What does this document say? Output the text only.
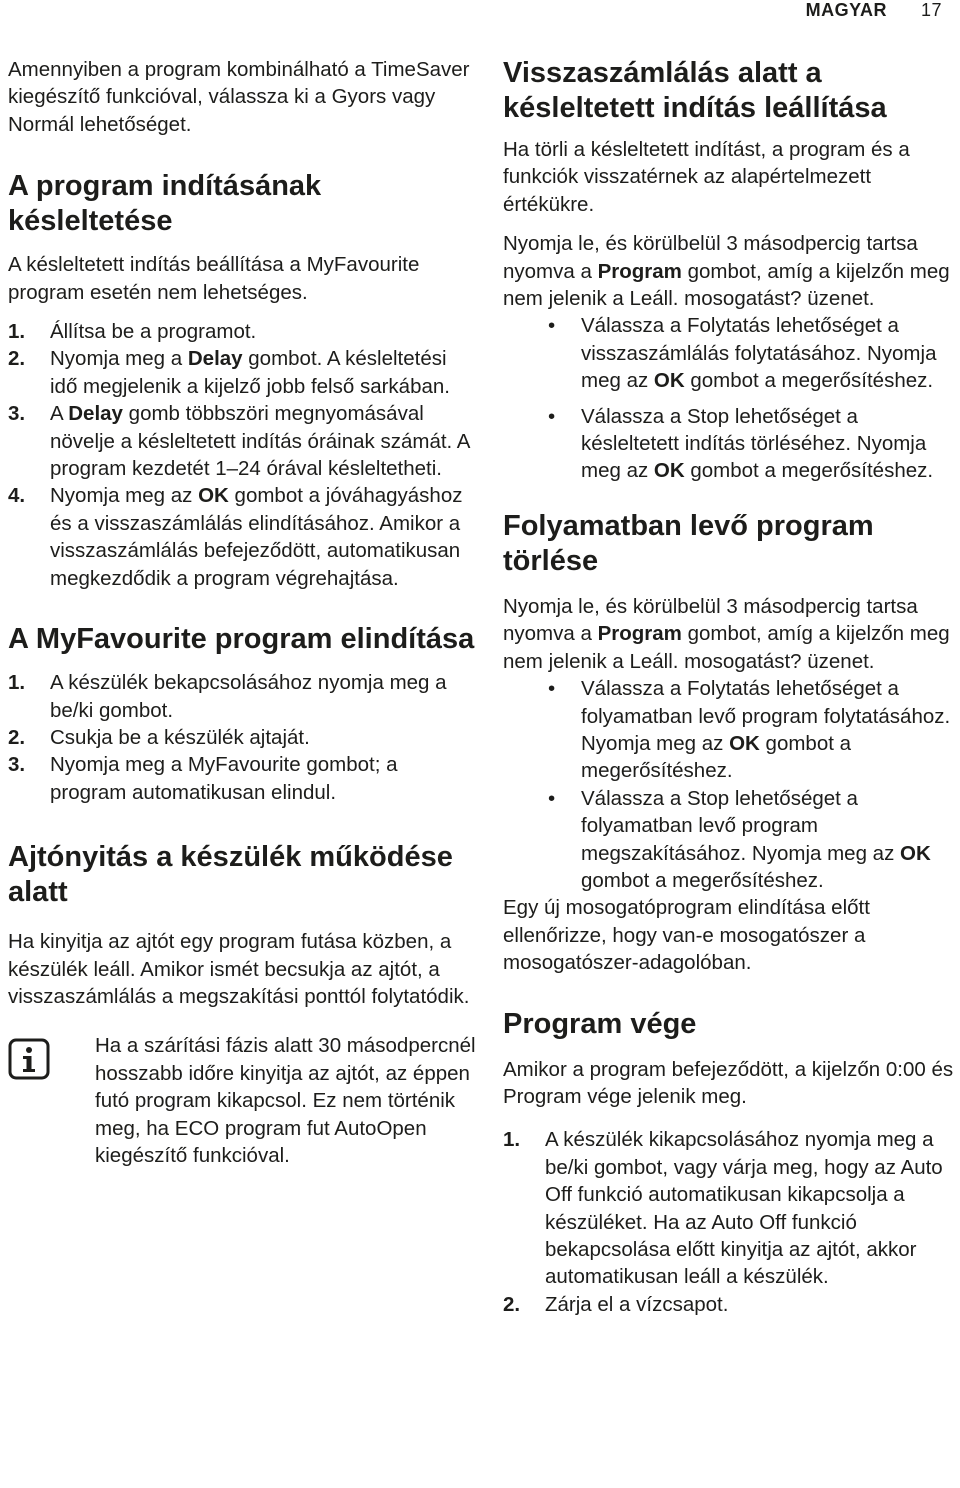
MAGYAR 17

Amennyiben a program kombinálható a TimeSaver kiegészítő funkcióval, válassza ki a Gyors vagy Normál lehetőséget.

A program indításának késleltetése

A késleltetett indítás beállítása a MyFavourite program esetén nem lehetséges.

1. Állítsa be a programot.
2. Nyomja meg a Delay gombot. A késleltetési idő megjelenik a kijelző jobb felső sarkában.
3. A Delay gomb többszöri megnyomásával növelje a késleltetett indítás óráinak számát. A program kezdetét 1–24 órával késleltetheti.
4. Nyomja meg az OK gombot a jóváhagyáshoz és a visszaszámlálás elindításához. Amikor a visszaszámlálás befejeződött, automatikusan megkezdődik a program végrehajtása.
A MyFavourite program elindítása
1. A készülék bekapcsolásához nyomja meg a be/ki gombot.
2. Csukja be a készülék ajtaját.
3. Nyomja meg a MyFavourite gombot; a program automatikusan elindul.
Ajtónyitás a készülék működése alatt

Ha kinyitja az ajtót egy program futása közben, a készülék leáll. Amikor ismét becsukja az ajtót, a visszaszámlálás a megszakítási ponttól folytatódik.

Ha a szárítási fázis alatt 30 másodpercnél hosszabb időre kinyitja az ajtót, az éppen futó program kikapcsol. Ez nem történik meg, ha ECO program fut AutoOpen kiegészítő funkcióval.

Visszaszámlálás alatt a késleltetett indítás leállítása

Ha törli a késleltetett indítást, a program és a funkciók visszatérnek az alapértelmezett értékükre.

Nyomja le, és körülbelül 3 másodpercig tartsa nyomva a Program gombot, amíg a kijelzőn meg nem jelenik a Leáll. mosogatást? üzenet.

• Válassza a Folytatás lehetőséget a visszaszámlálás folytatásához. Nyomja meg az OK gombot a megerősítéshez.
• Válassza a Stop lehetőséget a késleltetett indítás törléséhez. Nyomja meg az OK gombot a megerősítéshez.
Folyamatban levő program törlése

Nyomja le, és körülbelül 3 másodpercig tartsa nyomva a Program gombot, amíg a kijelzőn meg nem jelenik a Leáll. mosogatást? üzenet.

• Válassza a Folytatás lehetőséget a folyamatban levő program folytatásához. Nyomja meg az OK gombot a megerősítéshez.
• Válassza a Stop lehetőséget a folyamatban levő program megszakításához. Nyomja meg az OK gombot a megerősítéshez.

Egy új mosogatóprogram elindítása előtt ellenőrizze, hogy van-e mosogatószer a mosogatószer-adagolóban.

Program vége

Amikor a program befejeződött, a kijelzőn 0:00 és Program vége jelenik meg.

1. A készülék kikapcsolásához nyomja meg a be/ki gombot, vagy várja meg, hogy az Auto Off funkció automatikusan kikapcsolja a készüléket. Ha az Auto Off funkció bekapcsolása előtt kinyitja az ajtót, akkor automatikusan leáll a készülék.
2. Zárja el a vízcsapot.
